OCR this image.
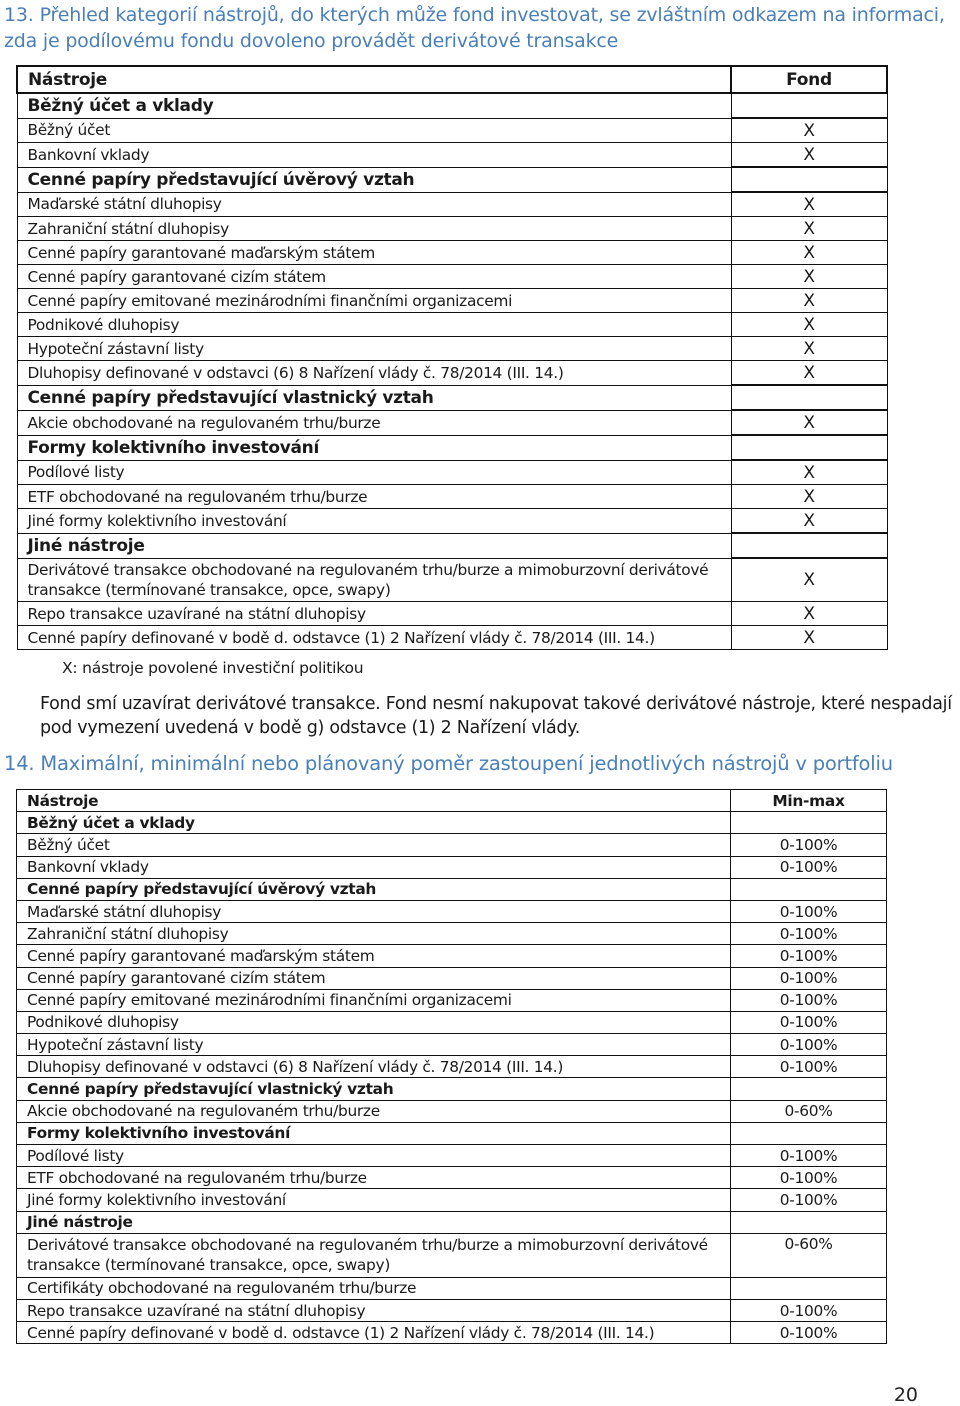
13. Přehled kategorií nástrojů, do kterých může fond investovat, se zvláštním odkazem na informaci, zda je podílovému fondu dovoleno provádět derivátové transakce
Nástroje	Fond
Běžný účet a vklady	
Běžný účet	X
Bankovní vklady	X
Cenné papíry představující úvěrový vztah	
Maďarské státní dluhopisy	X
Zahraniční státní dluhopisy	X
Cenné papíry garantované maďarským státem	X
Cenné papíry garantované cizím státem	X
Cenné papíry emitované mezinárodními finančními organizacemi	X
Podnikové dluhopisy	X
Hypoteční zástavní listy	X
Dluhopisy definované v odstavci (6) 8 Nařízení vlády č. 78/2014 (III. 14.)	X
Cenné papíry představující vlastnický vztah	
Akcie obchodované na regulovaném trhu/burze	X
Formy kolektivního investování	
Podílové listy	X
ETF obchodované na regulovaném trhu/burze	X
Jiné formy kolektivního investování	X
Jiné nástroje	
Derivátové transakce obchodované na regulovaném trhu/burze a mimoburzovní derivátové transakce (termínované transakce, opce, swapy)	X
Repo transakce uzavírané na státní dluhopisy	X
Cenné papíry definované v bodě d. odstavce (1) 2 Nařízení vlády č. 78/2014 (III. 14.)	X
X: nástroje povolené investiční politikou

Fond smí uzavírat derivátové transakce. Fond nesmí nakupovat takové derivátové nástroje, které nespadají

pod vymezení uvedená v bodě g) odstavce (1) 2 Nařízení vlády.

14. Maximální, minimální nebo plánovaný poměr zastoupení jednotlivých nástrojů v portfoliu
Nástroje	Min-max
Běžný účet a vklady	
Běžný účet	0-100%
Bankovní vklady	0-100%
Cenné papíry představující úvěrový vztah	
Maďarské státní dluhopisy	0-100%
Zahraniční státní dluhopisy	0-100%
Cenné papíry garantované maďarským státem	0-100%
Cenné papíry garantované cizím státem	0-100%
Cenné papíry emitované mezinárodními finančními organizacemi	0-100%
Podnikové dluhopisy	0-100%
Hypoteční zástavní listy	0-100%
Dluhopisy definované v odstavci (6) 8 Nařízení vlády č. 78/2014 (III. 14.)	0-100%
Cenné papíry představující vlastnický vztah	
Akcie obchodované na regulovaném trhu/burze	0-60%
Formy kolektivního investování	
Podílové listy	0-100%
ETF obchodované na regulovaném trhu/burze	0-100%
Jiné formy kolektivního investování	0-100%
Jiné nástroje	
Derivátové transakce obchodované na regulovaném trhu/burze a mimoburzovní derivátové transakce (termínované transakce, opce, swapy)	0-60%
Certifikáty obchodované na regulovaném trhu/burze	
Repo transakce uzavírané na státní dluhopisy	0-100%
Cenné papíry definované v bodě d. odstavce (1) 2 Nařízení vlády č. 78/2014 (III. 14.)	0-100%
20
